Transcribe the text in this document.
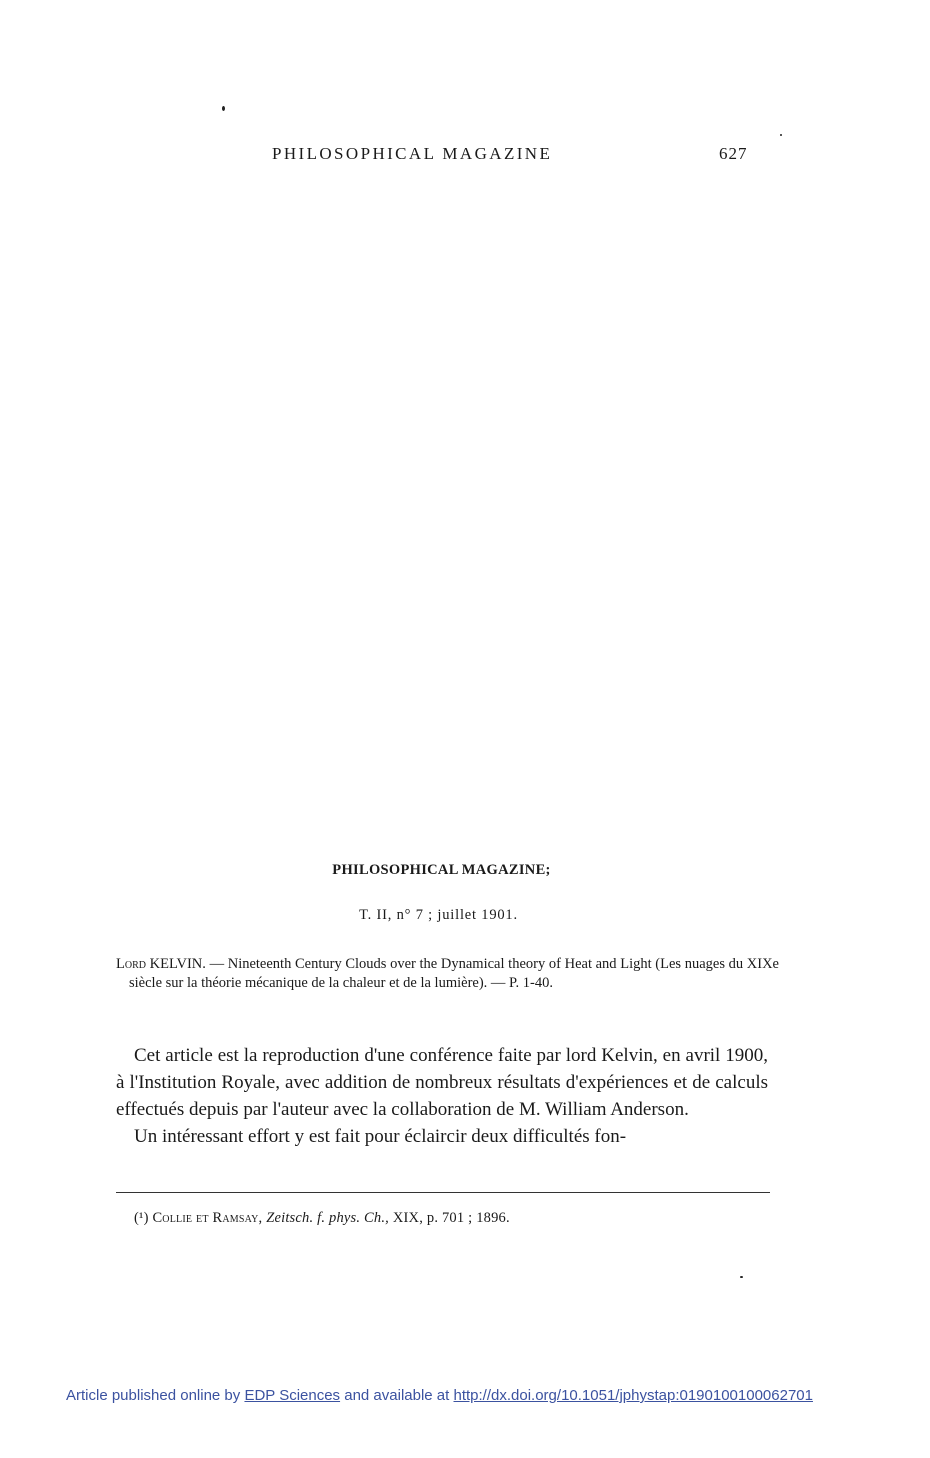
PHILOSOPHICAL MAGAZINE	627
PHILOSOPHICAL MAGAZINE;
T. II, n° 7 ; juillet 1901.
Lord KELVIN. — Nineteenth Century Clouds over the Dynamical theory of Heat and Light (Les nuages du XIXe siècle sur la théorie mécanique de la chaleur et de la lumière). — P. 1-40.

Cet article est la reproduction d'une conférence faite par lord Kelvin, en avril 1900, à l'Institution Royale, avec addition de nombreux résultats d'expériences et de calculs effectués depuis par l'auteur avec la collaboration de M. William Anderson.

Un intéressant effort y est fait pour éclaircir deux difficultés fon-

(¹) Collie et Ramsay, Zeitsch. f. phys. Ch., XIX, p. 701 ; 1896.
Article published online by EDP Sciences and available at http://dx.doi.org/10.1051/jphystap:0190100100062701
